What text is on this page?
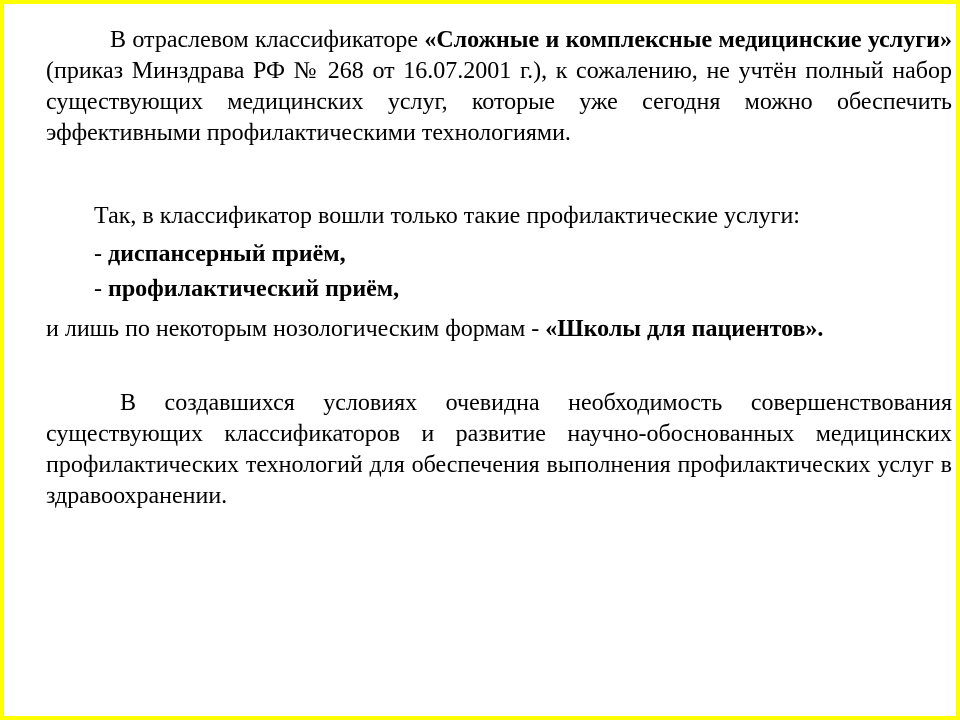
В отраслевом классификаторе «Сложные и комплексные медицинские услуги» (приказ Минздрава РФ № 268 от 16.07.2001 г.), к сожалению, не учтён полный набор существующих медицинских услуг, которые уже сегодня можно обеспечить эффективными профилактическими технологиями.

Так, в классификатор вошли только такие профилактические услуги:

- диспансерный приём,

- профилактический приём,

и лишь по некоторым нозологическим формам - «Школы для пациентов».

В создавшихся условиях очевидна необходимость совершенствования существующих классификаторов и развитие научно-обоснованных медицинских профилактических технологий для обеспечения выполнения профилактических услуг в здравоохранении.
